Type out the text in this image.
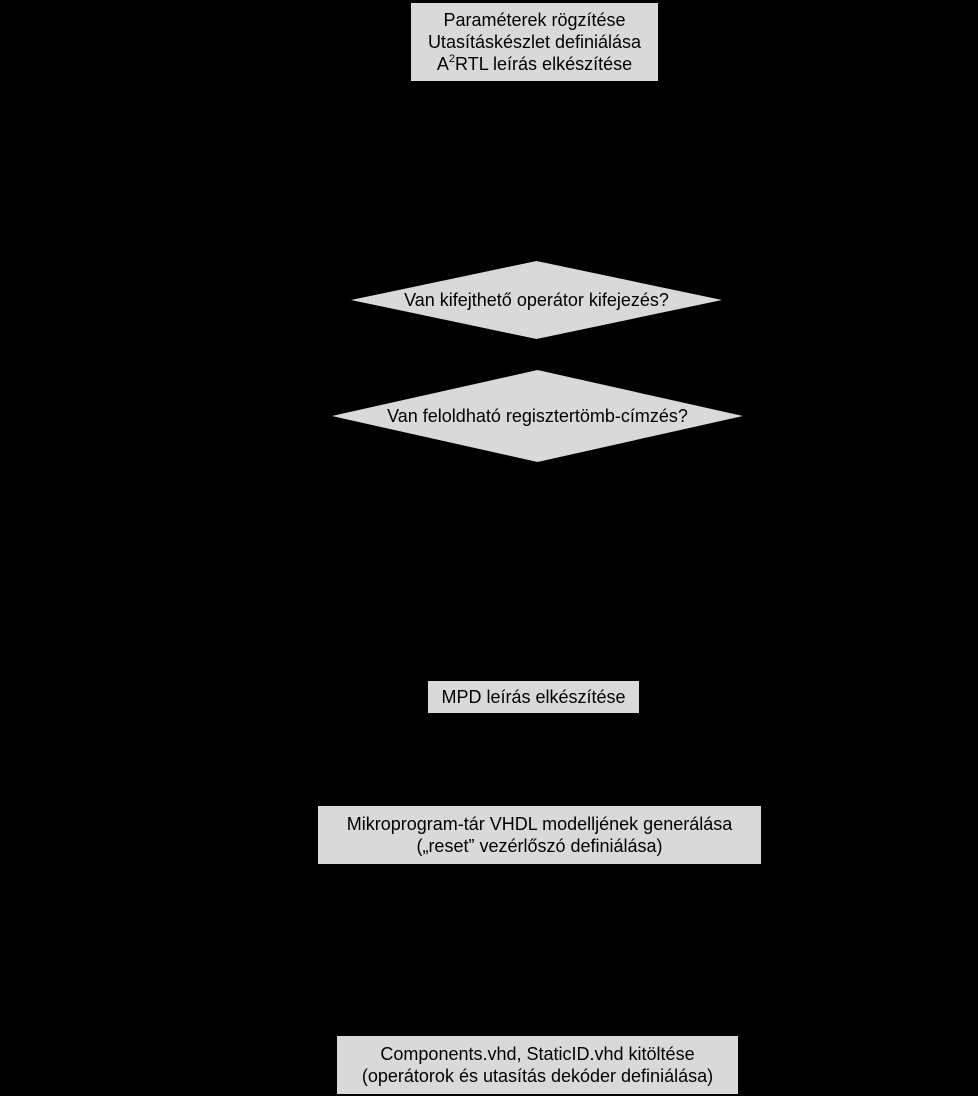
Paraméterek rögzítése
Utasításkészlet definiálása
$A^2RTL$ leírás elkészítése
Van kifejthető operátor kifejezés?
Van feloldható regisztertömb-címzés?
MPD leírás elkészítése
Mikroprogram-tár VHDL modelljének generálása
(„reset” vezérlőszó definiálása)
Components.vhd, StaticID.vhd kitöltése
(operátorok és utasítás dekóder definiálása)
